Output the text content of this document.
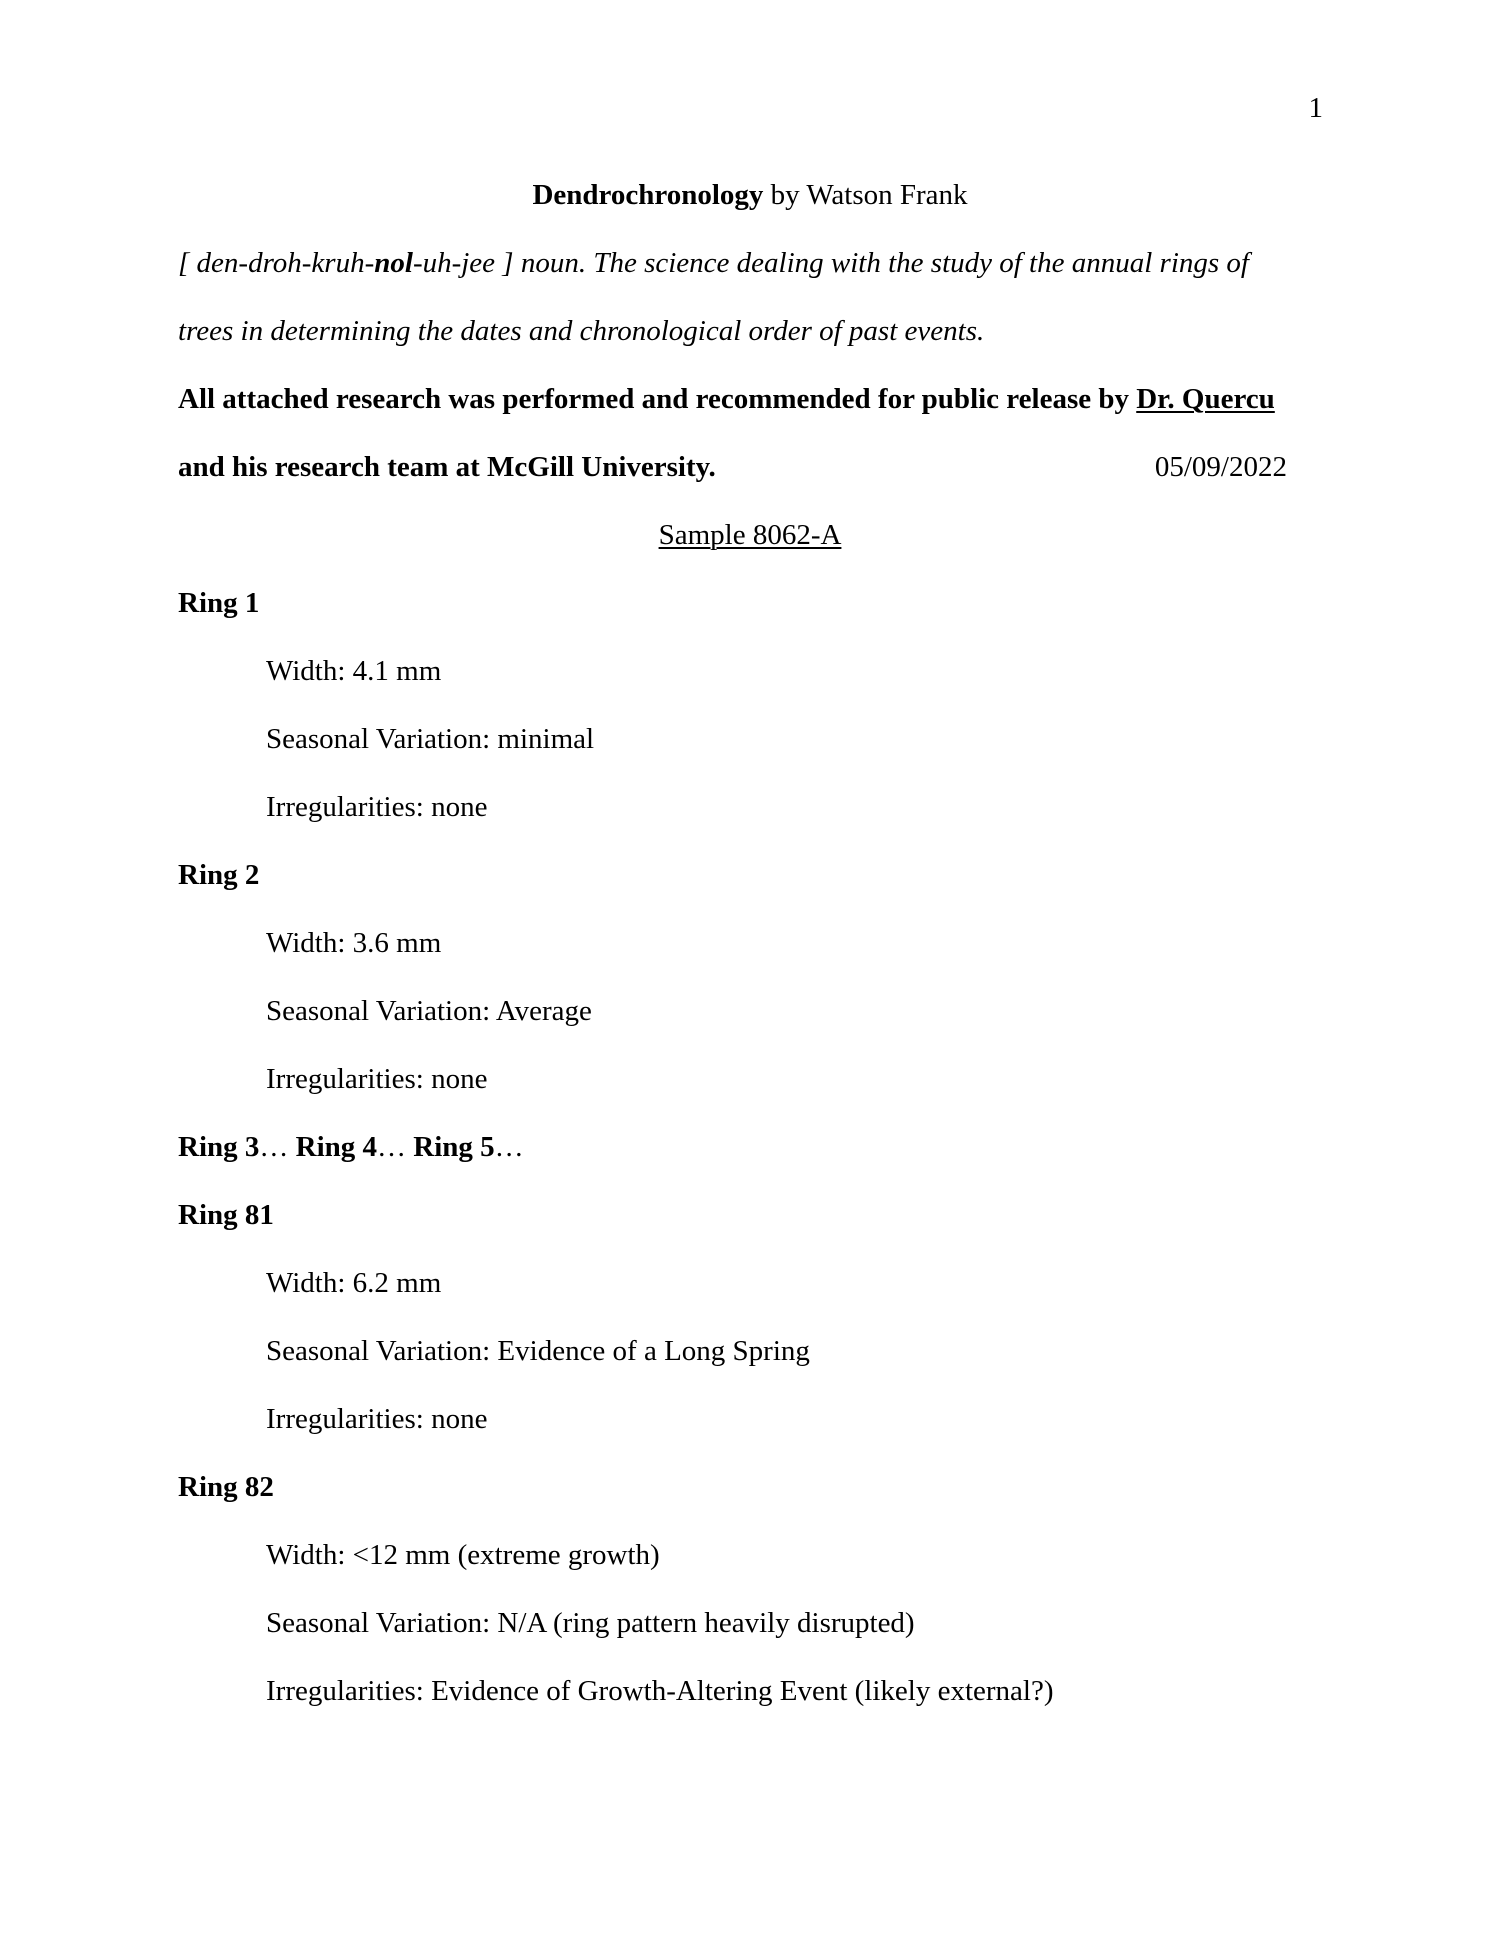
1
Dendrochronology by Watson Frank
[ den-droh-kruh-nol-uh-jee ] noun. The science dealing with the study of the annual rings of
trees in determining the dates and chronological order of past events.
All attached research was performed and recommended for public release by Dr. Quercu
and his research team at McGill University.	05/09/2022
Sample 8062-A
Ring 1
Width: 4.1 mm
Seasonal Variation: minimal
Irregularities: none
Ring 2
Width: 3.6 mm
Seasonal Variation: Average
Irregularities: none
Ring 3… Ring 4… Ring 5…
Ring 81
Width: 6.2 mm
Seasonal Variation: Evidence of a Long Spring
Irregularities: none
Ring 82
Width: <12 mm (extreme growth)
Seasonal Variation: N/A (ring pattern heavily disrupted)
Irregularities: Evidence of Growth-Altering Event (likely external?)
